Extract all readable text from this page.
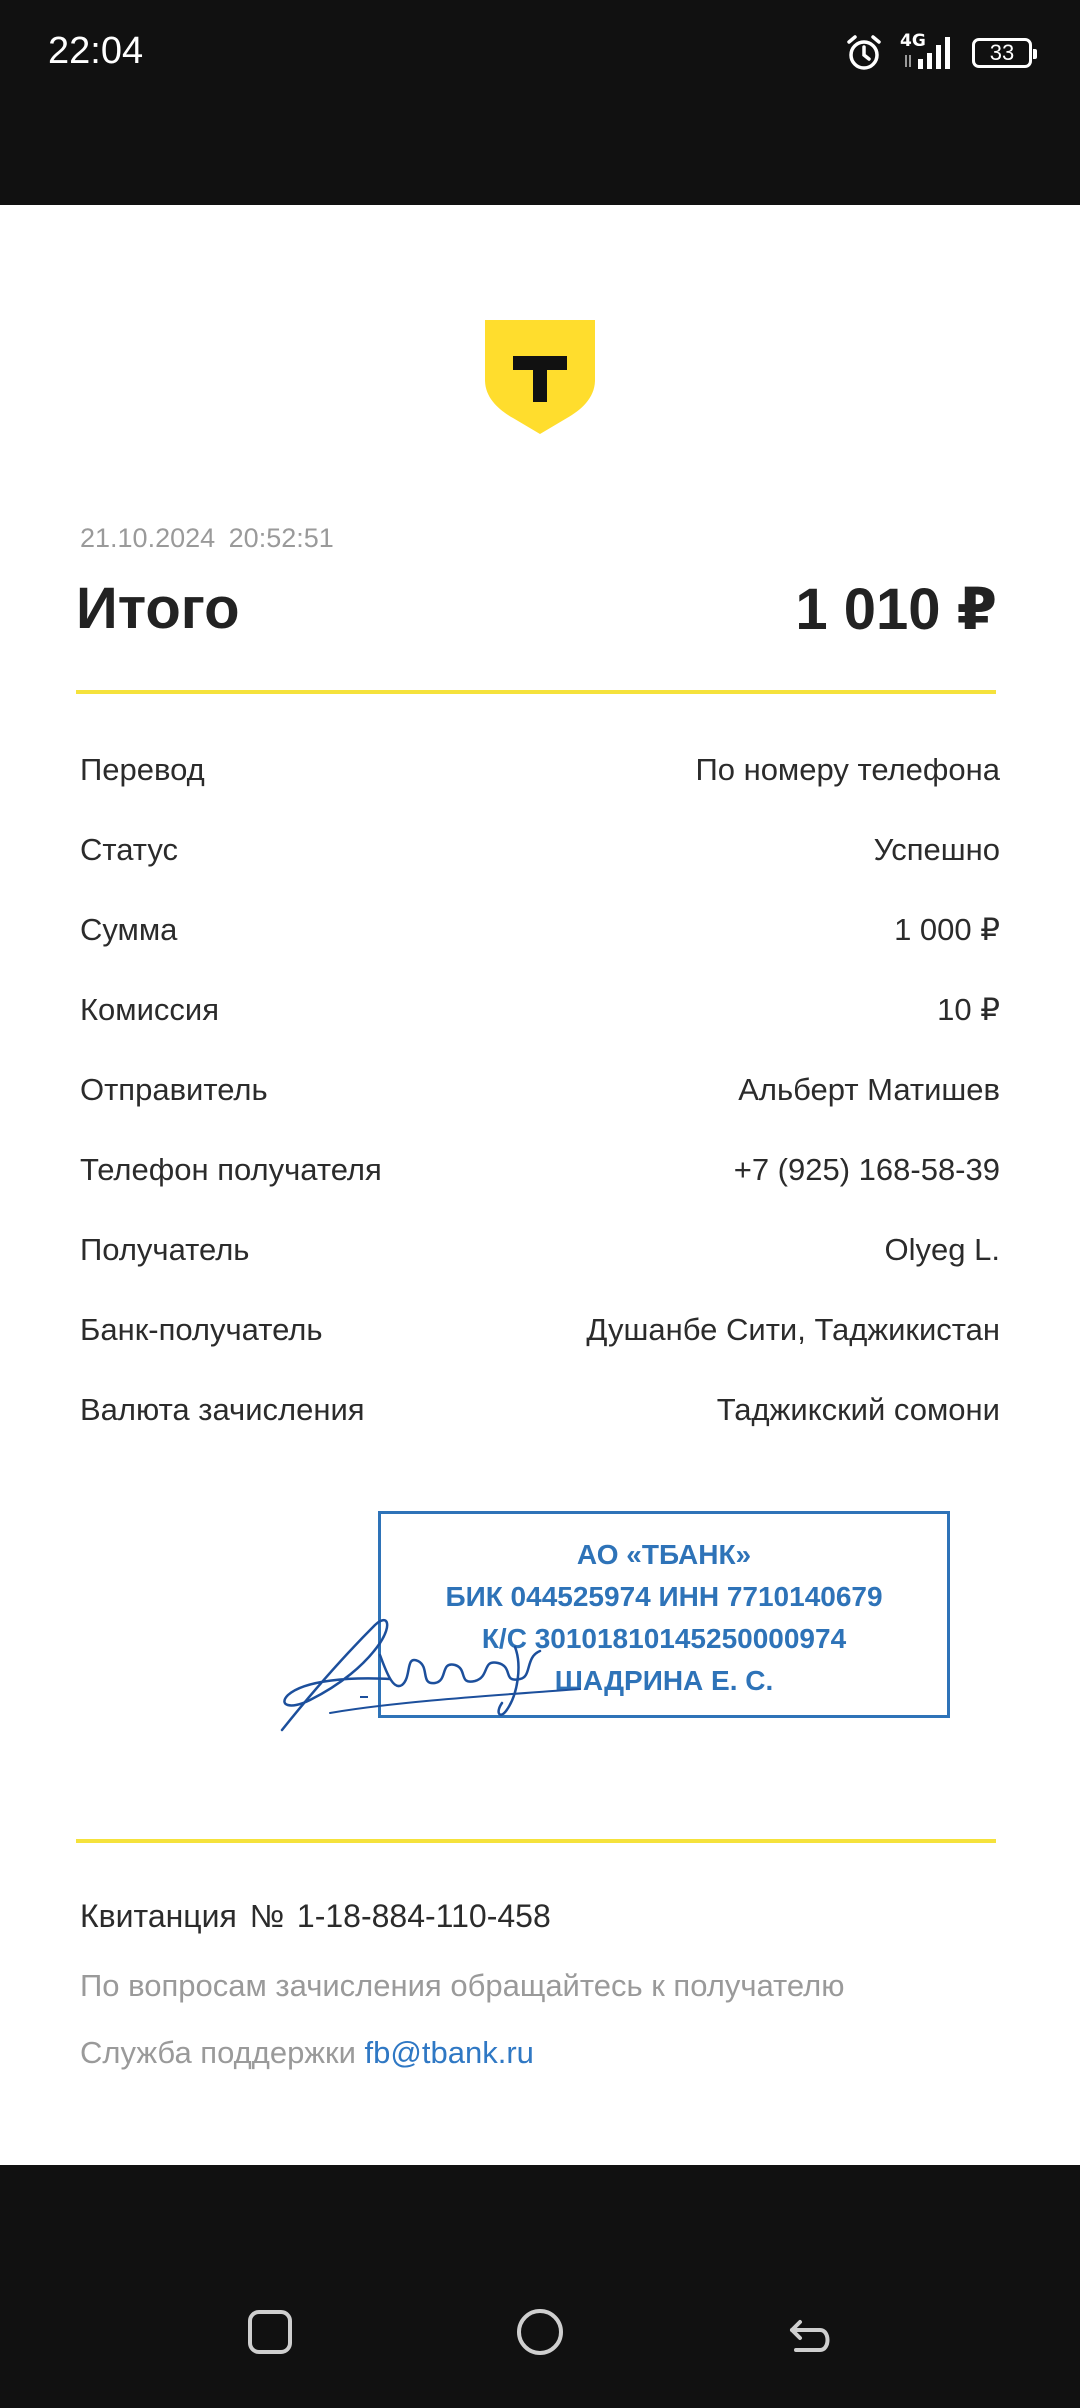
22:04	4G	33
21.10.2024 20:52:51
Итого	1 010 ₽
Перевод	По номеру телефона
Статус	Успешно
Сумма	1 000 ₽
Комиссия	10 ₽
Отправитель	Альберт Матишев
Телефон получателя	+7 (925) 168-58-39
Получатель	Olyeg L.
Банк-получатель	Душанбе Сити, Таджикистан
Валюта зачисления	Таджикский сомони
АО «ТБАНК»
БИК 044525974 ИНН 7710140679
К/С 30101810145250000974
ШАДРИНА Е. С.
Квитанция № 1-18-884-110-458
По вопросам зачисления обращайтесь к получателю
Служба поддержки fb@tbank.ru
